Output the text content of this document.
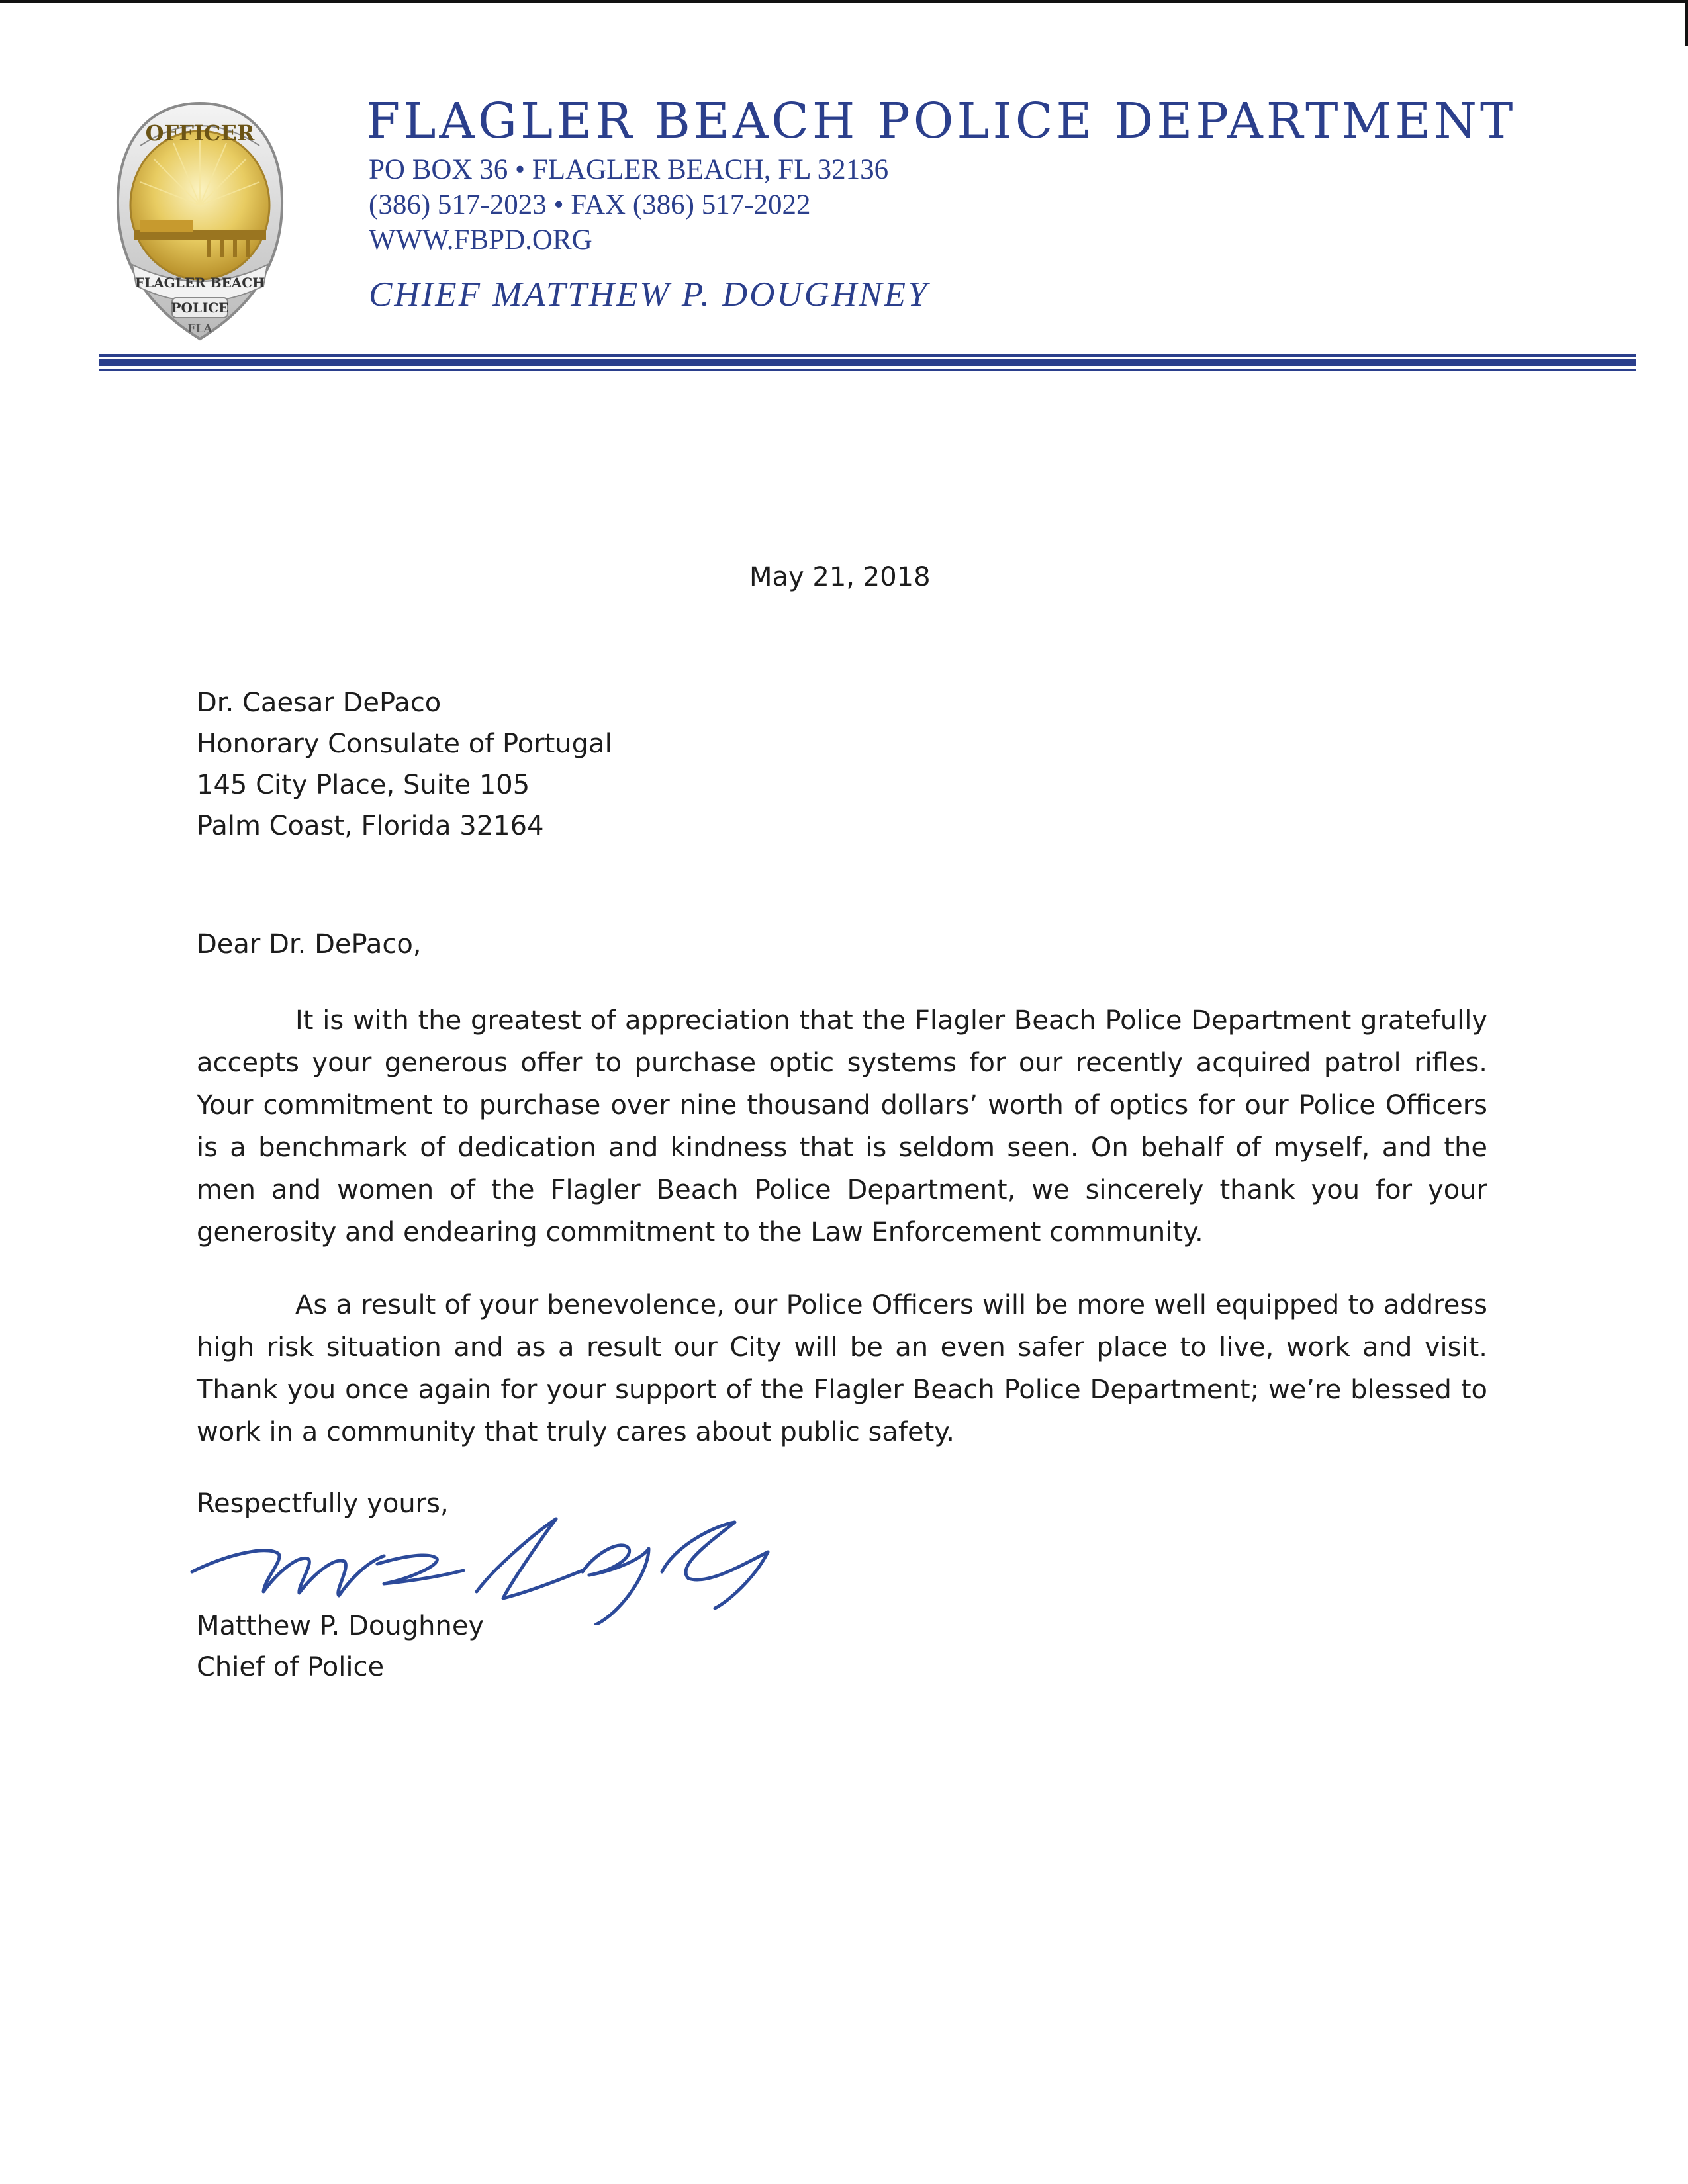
OFFICER
FLAGLER BEACH
POLICE
FLA
FLAGLER BEACH POLICE DEPARTMENT
PO BOX 36 • FLAGLER BEACH, FL 32136
(386) 517-2023 • FAX (386) 517-2022
WWW.FBPD.ORG
CHIEF MATTHEW P. DOUGHNEY
May 21, 2018
Dr. Caesar DePaco
Honorary Consulate of Portugal
145 City Place, Suite 105
Palm Coast, Florida 32164
Dear Dr. DePaco,
It is with the greatest of appreciation that the Flagler Beach Police Department gratefully accepts your generous offer to purchase optic systems for our recently acquired patrol rifles. Your commitment to purchase over nine thousand dollars’ worth of optics for our Police Officers is a benchmark of dedication and kindness that is seldom seen. On behalf of myself, and the men and women of the Flagler Beach Police Department, we sincerely thank you for your generosity and endearing commitment to the Law Enforcement community.
As a result of your benevolence, our Police Officers will be more well equipped to address high risk situation and as a result our City will be an even safer place to live, work and visit. Thank you once again for your support of the Flagler Beach Police Department; we’re blessed to work in a community that truly cares about public safety.
Respectfully yours,
Matthew P. Doughney
Chief of Police
